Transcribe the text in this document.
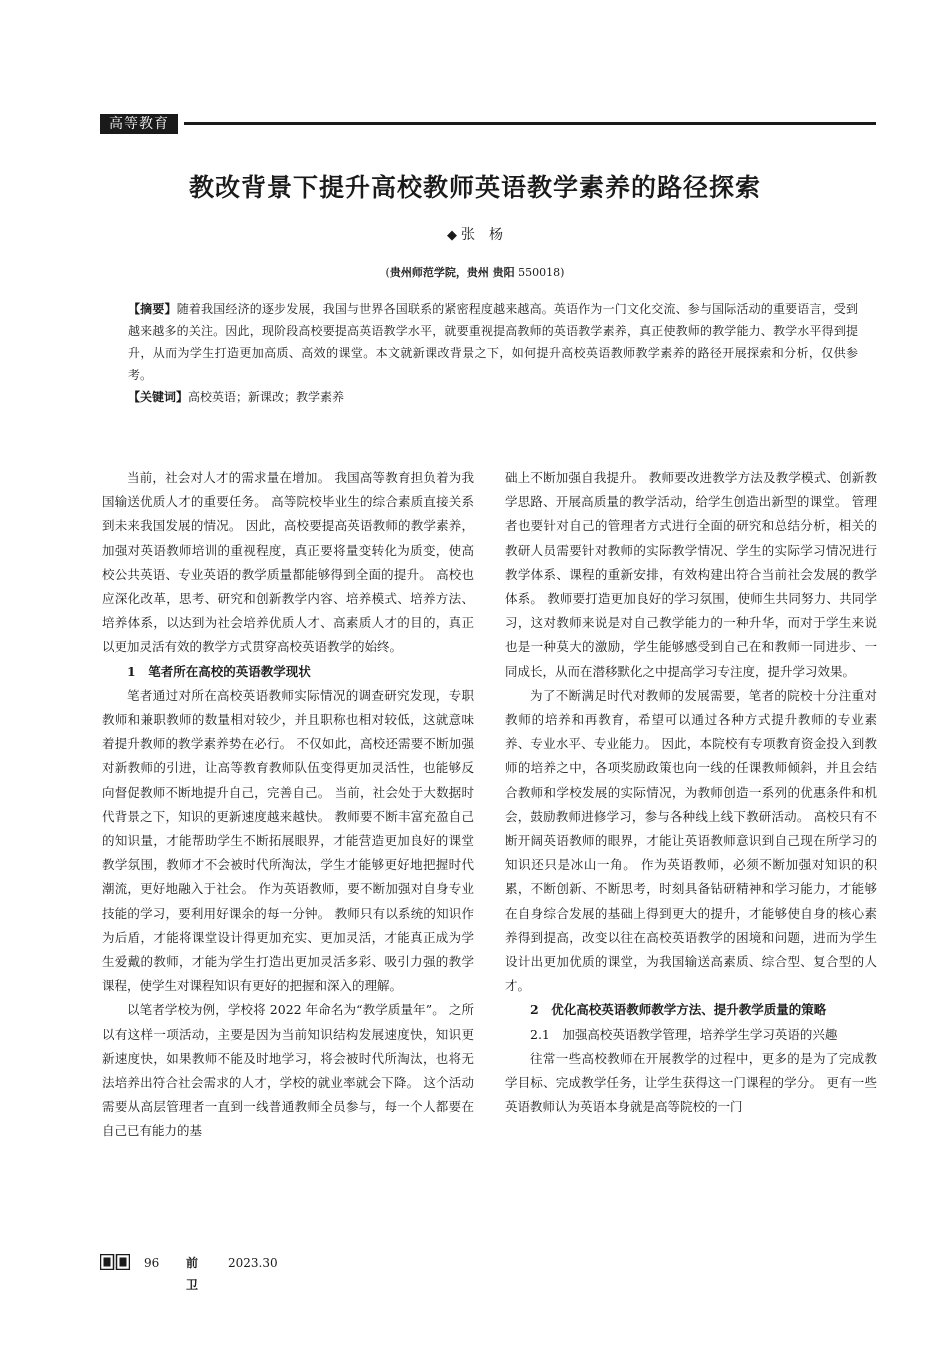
高等教育
教改背景下提升高校教师英语教学素养的路径探索
◆ 张　杨
(贵州师范学院，贵州 贵阳 550018)

【摘要】随着我国经济的逐步发展，我国与世界各国联系的紧密程度越来越高。英语作为一门文化交流、参与国际活动的重要语言，受到越来越多的关注。因此，现阶段高校要提高英语教学水平，就要重视提高教师的英语教学素养，真正使教师的教学能力、教学水平得到提升，从而为学生打造更加高质、高效的课堂。本文就新课改背景之下，如何提升高校英语教师教学素养的路径开展探索和分析，仅供参考。

【关键词】高校英语；新课改；教学素养

当前，社会对人才的需求量在增加。 我国高等教育担负着为我国输送优质人才的重要任务。 高等院校毕业生的综合素质直接关系到未来我国发展的情况。 因此，高校要提高英语教师的教学素养，加强对英语教师培训的重视程度，真正要将量变转化为质变，使高校公共英语、专业英语的教学质量都能够得到全面的提升。 高校也应深化改革，思考、研究和创新教学内容、培养模式、培养方法、培养体系，以达到为社会培养优质人才、高素质人才的目的，真正以更加灵活有效的教学方式贯穿高校英语教学的始终。

1　笔者所在高校的英语教学现状

笔者通过对所在高校英语教师实际情况的调查研究发现，专职教师和兼职教师的数量相对较少，并且职称也相对较低，这就意味着提升教师的教学素养势在必行。 不仅如此，高校还需要不断加强对新教师的引进，让高等教育教师队伍变得更加灵活性，也能够反向督促教师不断地提升自己，完善自己。 当前，社会处于大数据时代背景之下，知识的更新速度越来越快。 教师要不断丰富充盈自己的知识量，才能帮助学生不断拓展眼界，才能营造更加良好的课堂教学氛围，教师才不会被时代所淘汰，学生才能够更好地把握时代潮流，更好地融入于社会。 作为英语教师，要不断加强对自身专业技能的学习，要利用好课余的每一分钟。 教师只有以系统的知识作为后盾，才能将课堂设计得更加充实、更加灵活，才能真正成为学生爱戴的教师，才能为学生打造出更加灵活多彩、吸引力强的教学课程，使学生对课程知识有更好的把握和深入的理解。

以笔者学校为例，学校将 2022 年命名为“教学质量年”。 之所以有这样一项活动，主要是因为当前知识结构发展速度快，知识更新速度快，如果教师不能及时地学习，将会被时代所淘汰，也将无法培养出符合社会需求的人才，学校的就业率就会下降。 这个活动需要从高层管理者一直到一线普通教师全员参与，每一个人都要在自己已有能力的基

础上不断加强自我提升。 教师要改进教学方法及教学模式、创新教学思路、开展高质量的教学活动，给学生创造出新型的课堂。 管理者也要针对自己的管理者方式进行全面的研究和总结分析，相关的教研人员需要针对教师的实际教学情况、学生的实际学习情况进行教学体系、课程的重新安排，有效构建出符合当前社会发展的教学体系。 教师要打造更加良好的学习氛围，使师生共同努力、共同学习，这对教师来说是对自己教学能力的一种升华，而对于学生来说也是一种莫大的激励，学生能够感受到自己在和教师一同进步、一同成长，从而在潜移默化之中提高学习专注度，提升学习效果。

为了不断满足时代对教师的发展需要，笔者的院校十分注重对教师的培养和再教育，希望可以通过各种方式提升教师的专业素养、专业水平、专业能力。 因此，本院校有专项教育资金投入到教师的培养之中，各项奖励政策也向一线的任课教师倾斜，并且会结合教师和学校发展的实际情况，为教师创造一系列的优惠条件和机会，鼓励教师进修学习，参与各种线上线下教研活动。 高校只有不断开阔英语教师的眼界，才能让英语教师意识到自己现在所学习的知识还只是冰山一角。 作为英语教师，必须不断加强对知识的积累，不断创新、不断思考，时刻具备钻研精神和学习能力，才能够在自身综合发展的基础上得到更大的提升，才能够使自身的核心素养得到提高，改变以往在高校英语教学的困境和问题，进而为学生设计出更加优质的课堂，为我国输送高素质、综合型、复合型的人才。

2　优化高校英语教师教学方法、提升教学质量的策略
2.1　加强高校英语教学管理，培养学生学习英语的兴趣

往常一些高校教师在开展教学的过程中，更多的是为了完成教学目标、完成教学任务，让学生获得这一门课程的学分。 更有一些英语教师认为英语本身就是高等院校的一门

96 前卫
2023.30
